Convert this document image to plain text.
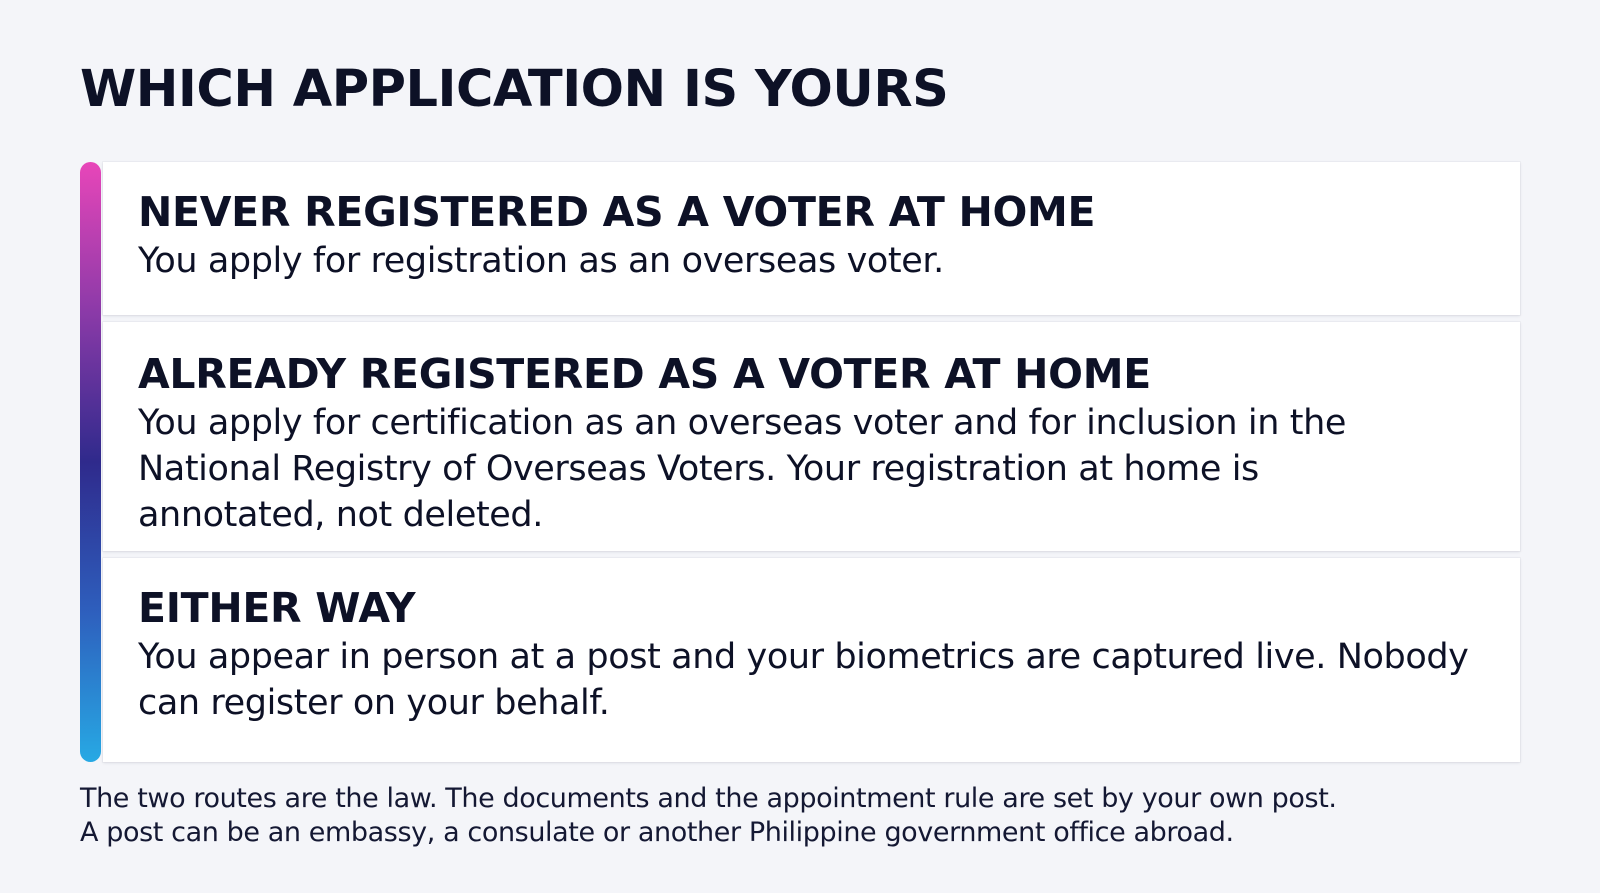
WHICH APPLICATION IS YOURS
NEVER REGISTERED AS A VOTER AT HOME

You apply for registration as an overseas voter.

ALREADY REGISTERED AS A VOTER AT HOME

You apply for certification as an overseas voter and for inclusion in the National Registry of Overseas Voters. Your registration at home is annotated, not deleted.

EITHER WAY

You appear in person at a post and your biometrics are captured live. Nobody can register on your behalf.

The two routes are the law. The documents and the appointment rule are set by your own post.
A post can be an embassy, a consulate or another Philippine government office abroad.
